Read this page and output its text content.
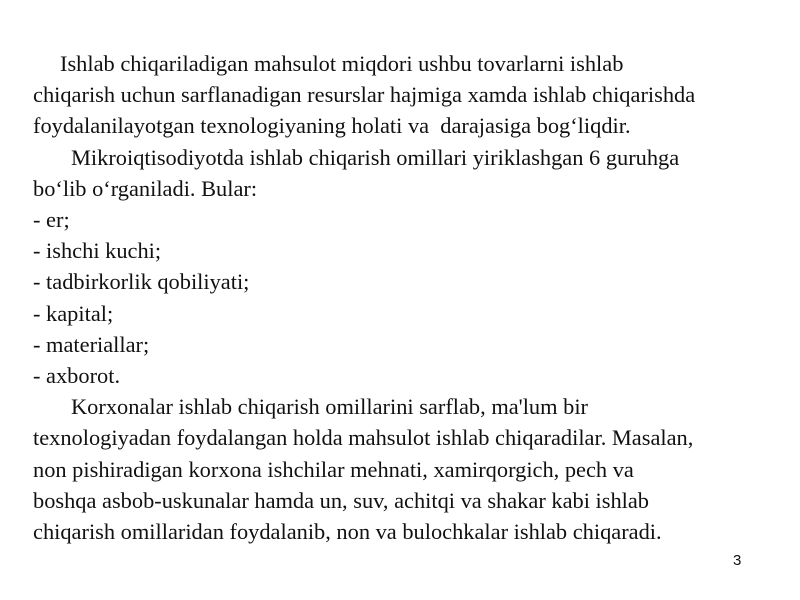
Ishlab chiqariladigan mahsulot miqdori ushbu tovarlarni ishlab
chiqarish uchun sarflanadigan resurslar hajmiga xamda ishlab chiqarishda
foydalanilayotgan texnologiyaning holati va  darajasiga bog‘liqdir.
Mikroiqtisodiyotda ishlab chiqarish omillari yiriklashgan 6 guruhga
bo‘lib o‘rganiladi. Bular:
- er;
- ishchi kuchi;
- tadbirkorlik qobiliyati;
- kapital;
- materiallar;
- axborot.
Korxonalar ishlab chiqarish omillarini sarflab, ma'lum bir
texnologiyadan foydalangan holda mahsulot ishlab chiqaradilar. Masalan,
non pishiradigan korxona ishchilar mehnati, xamirqorgich, pech va
boshqa asbob-uskunalar hamda un, suv, achitqi va shakar kabi ishlab
chiqarish omillaridan foydalanib, non va bulochkalar ishlab chiqaradi.
3
